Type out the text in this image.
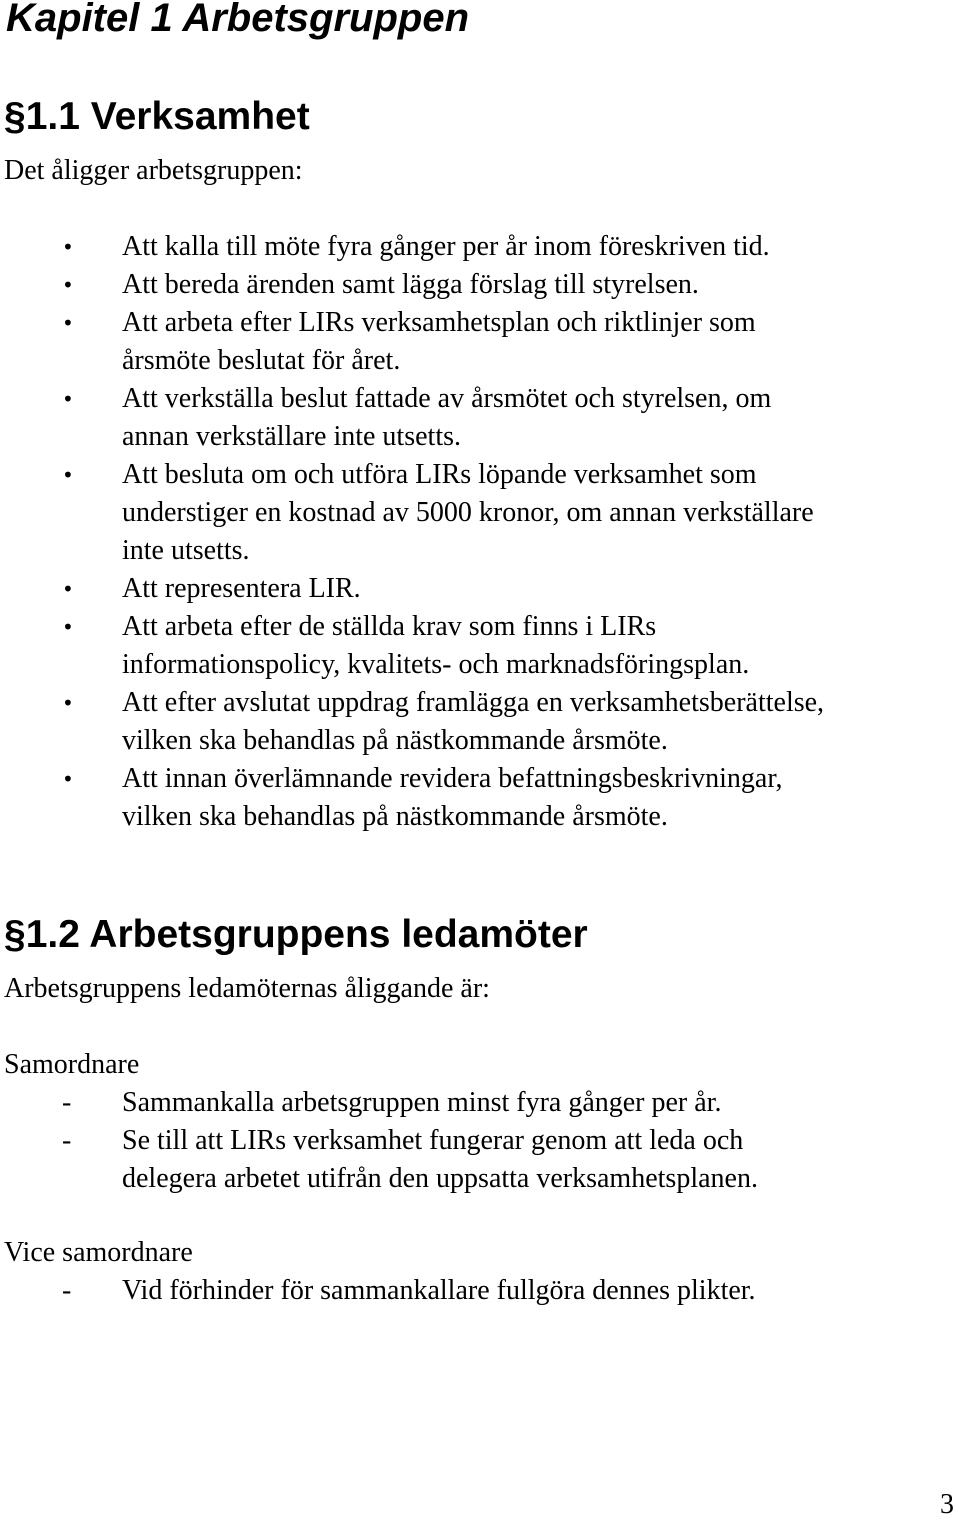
Kapitel 1 Arbetsgruppen
§1.1 Verksamhet

Det åligger arbetsgruppen:

• Att kalla till möte fyra gånger per år inom föreskriven tid.
• Att bereda ärenden samt lägga förslag till styrelsen.
• Att arbeta efter LIRs verksamhetsplan och riktlinjer som
årsmöte beslutat för året.
• Att verkställa beslut fattade av årsmötet och styrelsen, om
annan verkställare inte utsetts.
• Att besluta om och utföra LIRs löpande verksamhet som
understiger en kostnad av 5000 kronor, om annan verkställare
inte utsetts.
• Att representera LIR.
• Att arbeta efter de ställda krav som finns i LIRs
informationspolicy, kvalitets- och marknadsföringsplan.
• Att efter avslutat uppdrag framlägga en verksamhetsberättelse,
vilken ska behandlas på nästkommande årsmöte.
• Att innan överlämnande revidera befattningsbeskrivningar,
vilken ska behandlas på nästkommande årsmöte.
§1.2 Arbetsgruppens ledamöter

Arbetsgruppens ledamöternas åliggande är:

Samordnare
- Sammankalla arbetsgruppen minst fyra gånger per år.
- Se till att LIRs verksamhet fungerar genom att leda och
delegera arbetet utifrån den uppsatta verksamhetsplanen.
Vice samordnare
- Vid förhinder för sammankallare fullgöra dennes plikter.
3
